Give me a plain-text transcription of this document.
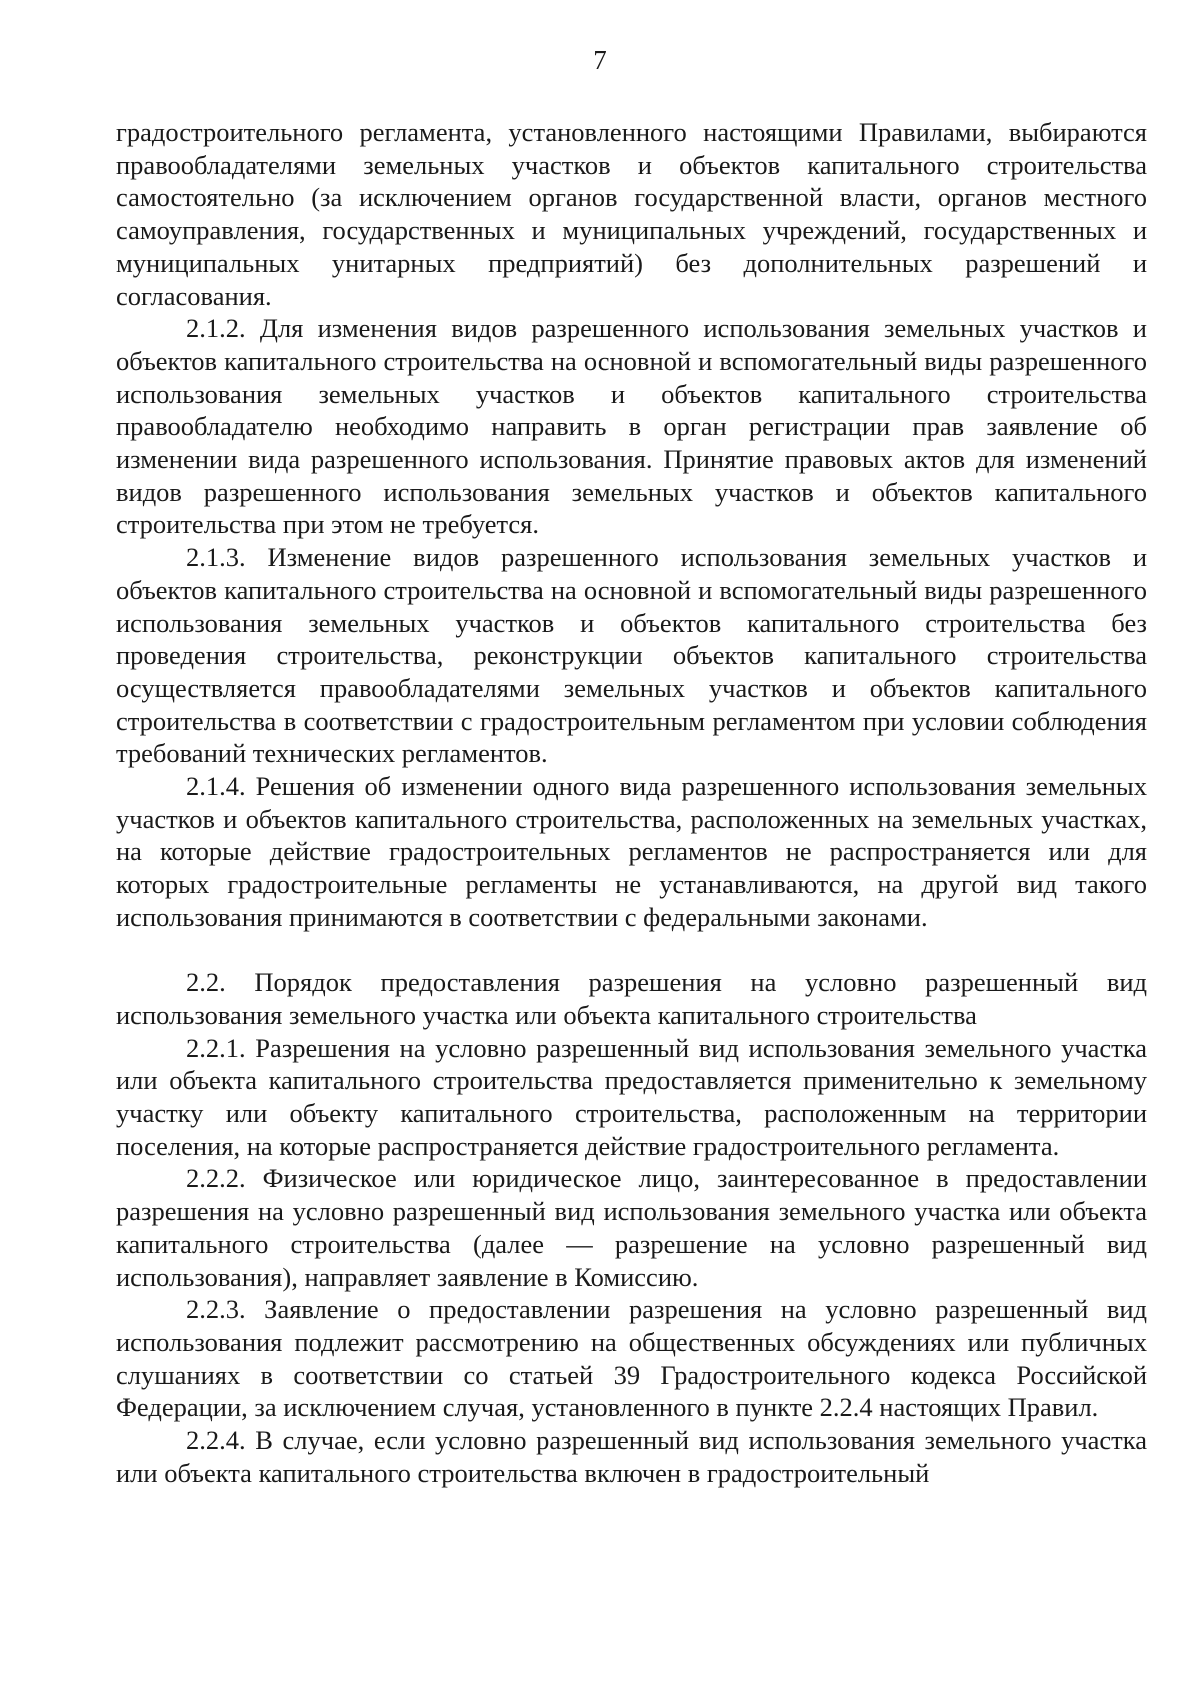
7

градостроительного регламента, установленного настоящими Правилами, выбираются правообладателями земельных участков и объектов капитального строительства самостоятельно (за исключением органов государственной власти, органов местного самоуправления, государственных и муниципальных учреждений, государственных и муниципальных унитарных предприятий) без дополнительных разрешений и согласования.

2.1.2. Для изменения видов разрешенного использования земельных участков и объектов капитального строительства на основной и вспомогательный виды разрешенного использования земельных участков и объектов капитального строительства правообладателю необходимо направить в орган регистрации прав заявление об изменении вида разрешенного использования. Принятие правовых актов для изменений видов разрешенного использования земельных участков и объектов капитального строительства при этом не требуется.

2.1.3. Изменение видов разрешенного использования земельных участков и объектов капитального строительства на основной и вспомогательный виды разрешенного использования земельных участков и объектов капитального строительства без проведения строительства, реконструкции объектов капитального строительства осуществляется правообладателями земельных участков и объектов капитального строительства в соответствии с градостроительным регламентом при условии соблюдения требований технических регламентов.

2.1.4. Решения об изменении одного вида разрешенного использования земельных участков и объектов капитального строительства, расположенных на земельных участках, на которые действие градостроительных регламентов не распространяется или для которых градостроительные регламенты не устанавливаются, на другой вид такого использования принимаются в соответствии с федеральными законами.

2.2. Порядок предоставления разрешения на условно разрешенный вид использования земельного участка или объекта капитального строительства

2.2.1. Разрешения на условно разрешенный вид использования земельного участка или объекта капитального строительства предоставляется применительно к земельному участку или объекту капитального строительства, расположенным на территории поселения, на которые распространяется действие градостроительного регламента.

2.2.2. Физическое или юридическое лицо, заинтересованное в предоставлении разрешения на условно разрешенный вид использования земельного участка или объекта капитального строительства (далее — разрешение на условно разрешенный вид использования), направляет заявление в Комиссию.

2.2.3. Заявление о предоставлении разрешения на условно разрешенный вид использования подлежит рассмотрению на общественных обсуждениях или публичных слушаниях в соответствии со статьей 39 Градостроительного кодекса Российской Федерации, за исключением случая, установленного в пункте 2.2.4 настоящих Правил.

2.2.4. В случае, если условно разрешенный вид использования земельного участка или объекта капитального строительства включен в градостроительный
